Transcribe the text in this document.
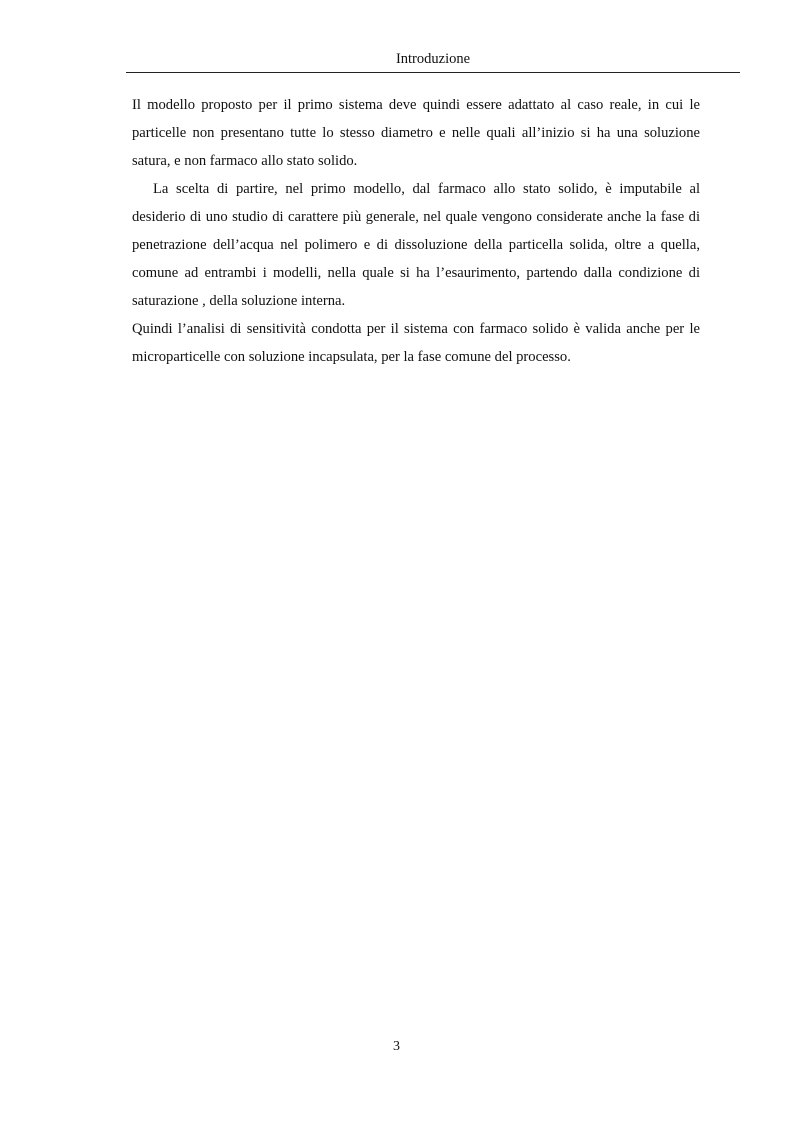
Introduzione

Il modello proposto per il primo sistema deve quindi essere adattato al caso reale, in cui le particelle non presentano tutte lo stesso diametro e nelle quali all’inizio si ha una soluzione satura, e non farmaco allo stato solido.

La scelta di partire, nel primo modello, dal farmaco allo stato solido, è imputabile al desiderio di uno studio di carattere più generale, nel quale vengono considerate anche la fase di penetrazione dell’acqua nel polimero e di dissoluzione della particella solida, oltre a quella, comune ad entrambi i modelli, nella quale si ha l’esaurimento, partendo dalla condizione di saturazione , della soluzione interna.

Quindi l’analisi di sensitività condotta per il sistema con farmaco solido è valida anche per le microparticelle con soluzione incapsulata, per la fase comune del processo.

3
